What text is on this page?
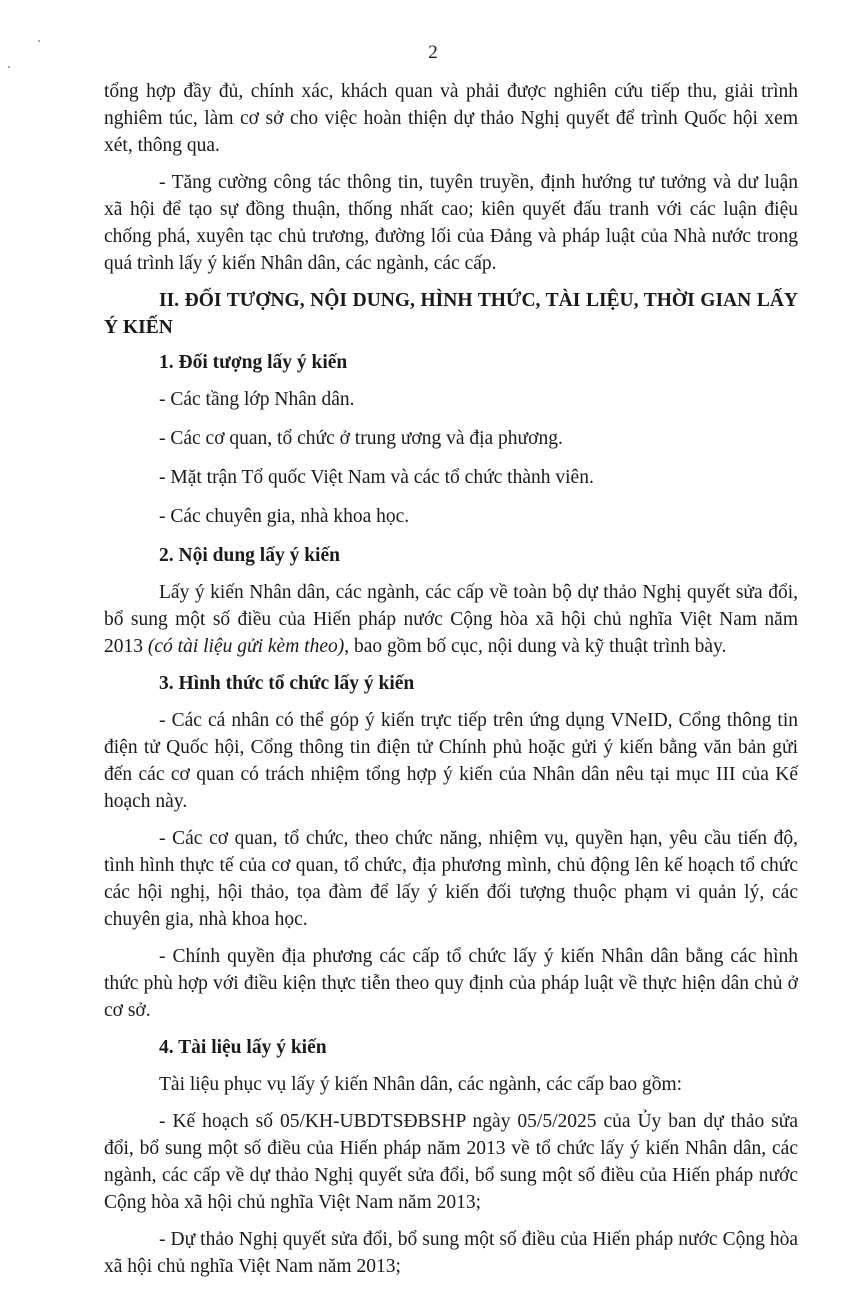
2

tổng hợp đầy đủ, chính xác, khách quan và phải được nghiên cứu tiếp thu, giải trình nghiêm túc, làm cơ sở cho việc hoàn thiện dự thảo Nghị quyết để trình Quốc hội xem xét, thông qua.

- Tăng cường công tác thông tin, tuyên truyền, định hướng tư tưởng và dư luận xã hội để tạo sự đồng thuận, thống nhất cao; kiên quyết đấu tranh với các luận điệu chống phá, xuyên tạc chủ trương, đường lối của Đảng và pháp luật của Nhà nước trong quá trình lấy ý kiến Nhân dân, các ngành, các cấp.

II. ĐỐI TƯỢNG, NỘI DUNG, HÌNH THỨC, TÀI LIỆU, THỜI GIAN LẤY Ý KIẾN

1. Đối tượng lấy ý kiến

- Các tầng lớp Nhân dân.

- Các cơ quan, tổ chức ở trung ương và địa phương.

- Mặt trận Tổ quốc Việt Nam và các tổ chức thành viên.

- Các chuyên gia, nhà khoa học.

2. Nội dung lấy ý kiến

Lấy ý kiến Nhân dân, các ngành, các cấp về toàn bộ dự thảo Nghị quyết sửa đổi, bổ sung một số điều của Hiến pháp nước Cộng hòa xã hội chủ nghĩa Việt Nam năm 2013 (có tài liệu gửi kèm theo), bao gồm bố cục, nội dung và kỹ thuật trình bày.

3. Hình thức tổ chức lấy ý kiến

- Các cá nhân có thể góp ý kiến trực tiếp trên ứng dụng VNeID, Cổng thông tin điện tử Quốc hội, Cổng thông tin điện tử Chính phủ hoặc gửi ý kiến bằng văn bản gửi đến các cơ quan có trách nhiệm tổng hợp ý kiến của Nhân dân nêu tại mục III của Kế hoạch này.

- Các cơ quan, tổ chức, theo chức năng, nhiệm vụ, quyền hạn, yêu cầu tiến độ, tình hình thực tế của cơ quan, tổ chức, địa phương mình, chủ động lên kế hoạch tổ chức các hội nghị, hội thảo, tọa đàm để lấy ý kiến đối tượng thuộc phạm vi quản lý, các chuyên gia, nhà khoa học.

- Chính quyền địa phương các cấp tổ chức lấy ý kiến Nhân dân bằng các hình thức phù hợp với điều kiện thực tiễn theo quy định của pháp luật về thực hiện dân chủ ở cơ sở.

4. Tài liệu lấy ý kiến

Tài liệu phục vụ lấy ý kiến Nhân dân, các ngành, các cấp bao gồm:

- Kế hoạch số 05/KH-UBDTSĐBSHP ngày 05/5/2025 của Ủy ban dự thảo sửa đổi, bổ sung một số điều của Hiến pháp năm 2013 về tổ chức lấy ý kiến Nhân dân, các ngành, các cấp về dự thảo Nghị quyết sửa đổi, bổ sung một số điều của Hiến pháp nước Cộng hòa xã hội chủ nghĩa Việt Nam năm 2013;

- Dự thảo Nghị quyết sửa đổi, bổ sung một số điều của Hiến pháp nước Cộng hòa xã hội chủ nghĩa Việt Nam năm 2013;
